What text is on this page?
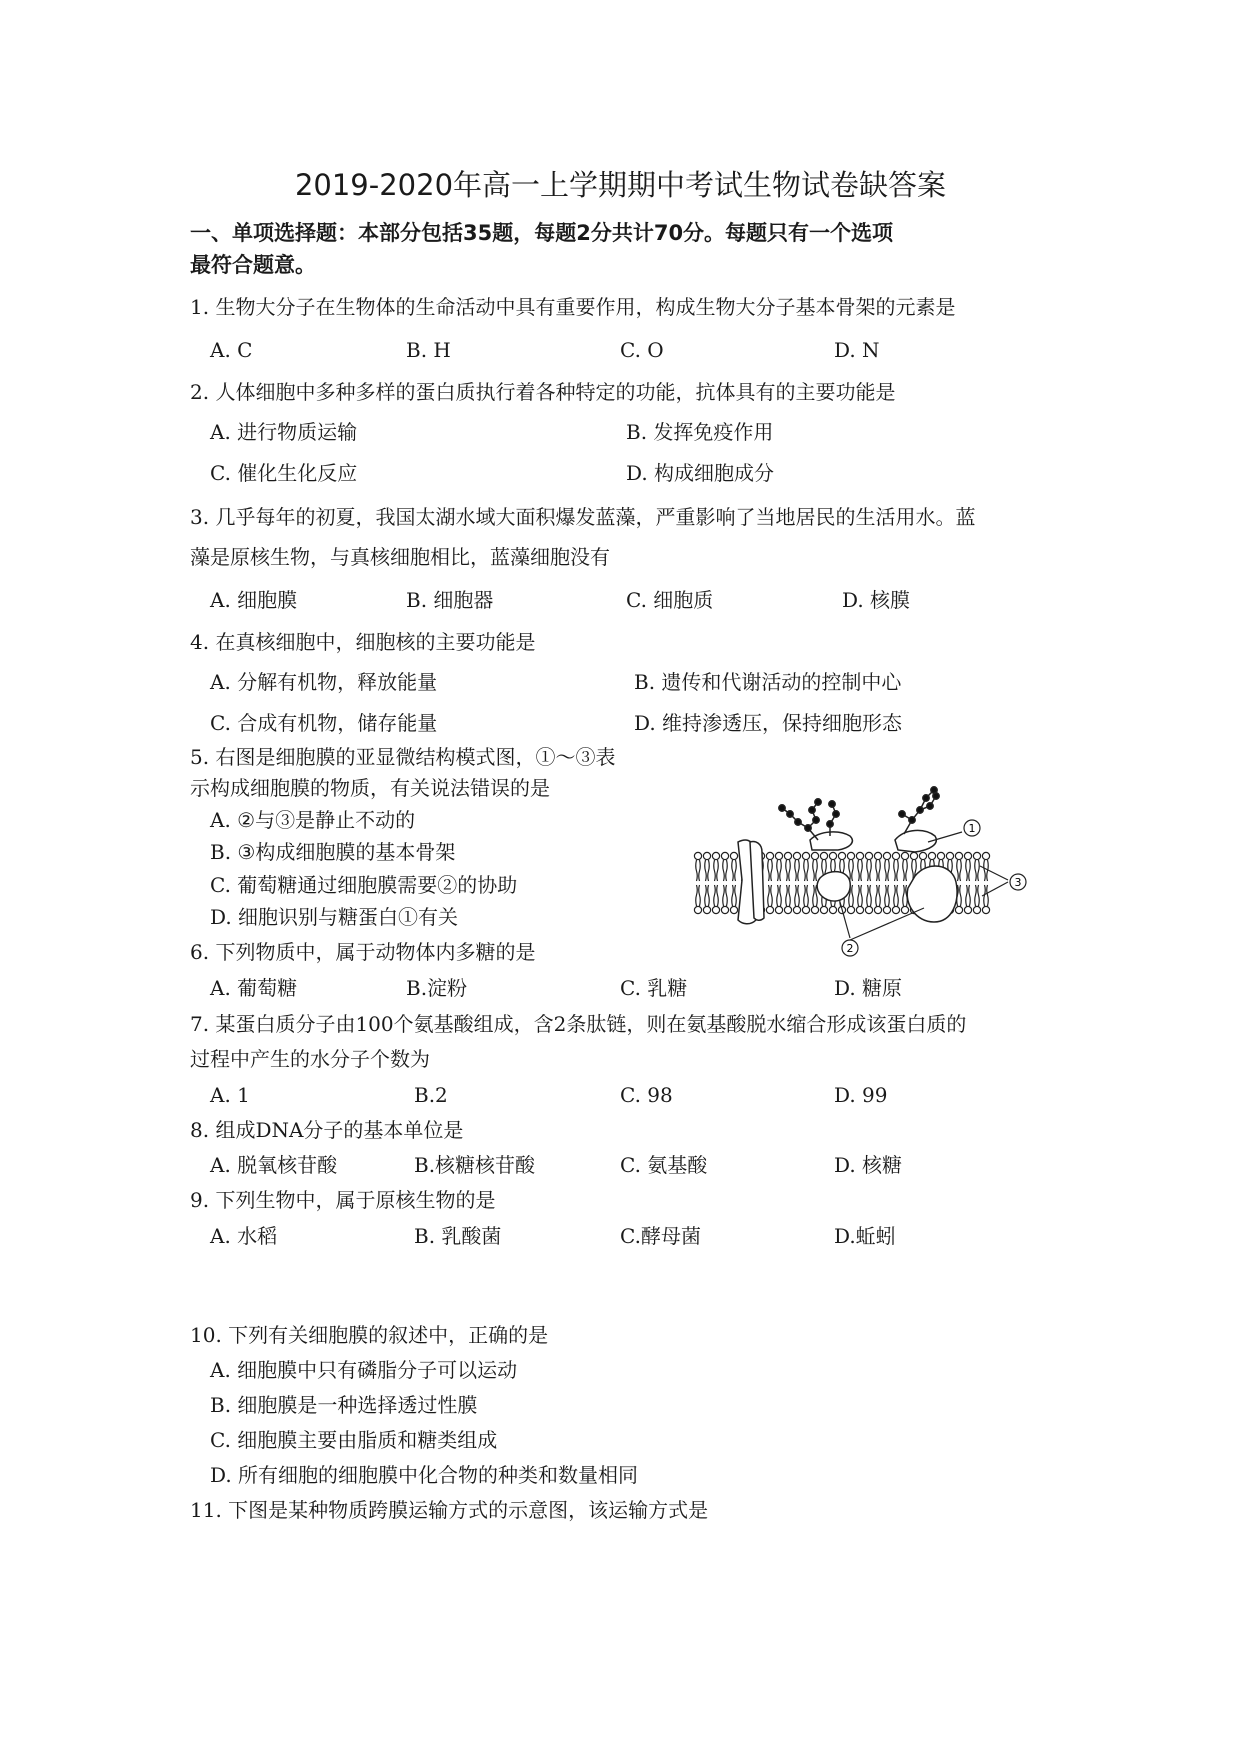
2019-2020年高一上学期期中考试生物试卷缺答案
一、单项选择题：本部分包括35题，每题2分共计70分。每题只有一个选项
最符合题意。
1. 生物大分子在生物体的生命活动中具有重要作用，构成生物大分子基本骨架的元素是
A. C	B. H	C. O	D. N
2. 人体细胞中多种多样的蛋白质执行着各种特定的功能，抗体具有的主要功能是
A. 进行物质运输	B. 发挥免疫作用
C. 催化生化反应	D. 构成细胞成分
3. 几乎每年的初夏，我国太湖水域大面积爆发蓝藻，严重影响了当地居民的生活用水。蓝
藻是原核生物，与真核细胞相比，蓝藻细胞没有
A. 细胞膜	B. 细胞器	C. 细胞质	D. 核膜
4. 在真核细胞中，细胞核的主要功能是
A. 分解有机物，释放能量	B. 遗传和代谢活动的控制中心
C. 合成有机物，储存能量	D. 维持渗透压，保持细胞形态
5. 右图是细胞膜的亚显微结构模式图，①～③表
示构成细胞膜的物质，有关说法错误的是
A. ②与③是静止不动的
B. ③构成细胞膜的基本骨架
C. 葡萄糖通过细胞膜需要②的协助
D. 细胞识别与糖蛋白①有关
1
2
3
6. 下列物质中，属于动物体内多糖的是
A. 葡萄糖	B.淀粉	C. 乳糖	D. 糖原
7. 某蛋白质分子由100个氨基酸组成，含2条肽链，则在氨基酸脱水缩合形成该蛋白质的
过程中产生的水分子个数为
A. 1	B.2	C. 98	D. 99
8. 组成DNA分子的基本单位是
A. 脱氧核苷酸	B.核糖核苷酸	C. 氨基酸	D. 核糖
9. 下列生物中，属于原核生物的是
A. 水稻	B. 乳酸菌	C.酵母菌	D.蚯蚓
10. 下列有关细胞膜的叙述中，正确的是
A. 细胞膜中只有磷脂分子可以运动
B. 细胞膜是一种选择透过性膜
C. 细胞膜主要由脂质和糖类组成
D. 所有细胞的细胞膜中化合物的种类和数量相同
11. 下图是某种物质跨膜运输方式的示意图，该运输方式是
